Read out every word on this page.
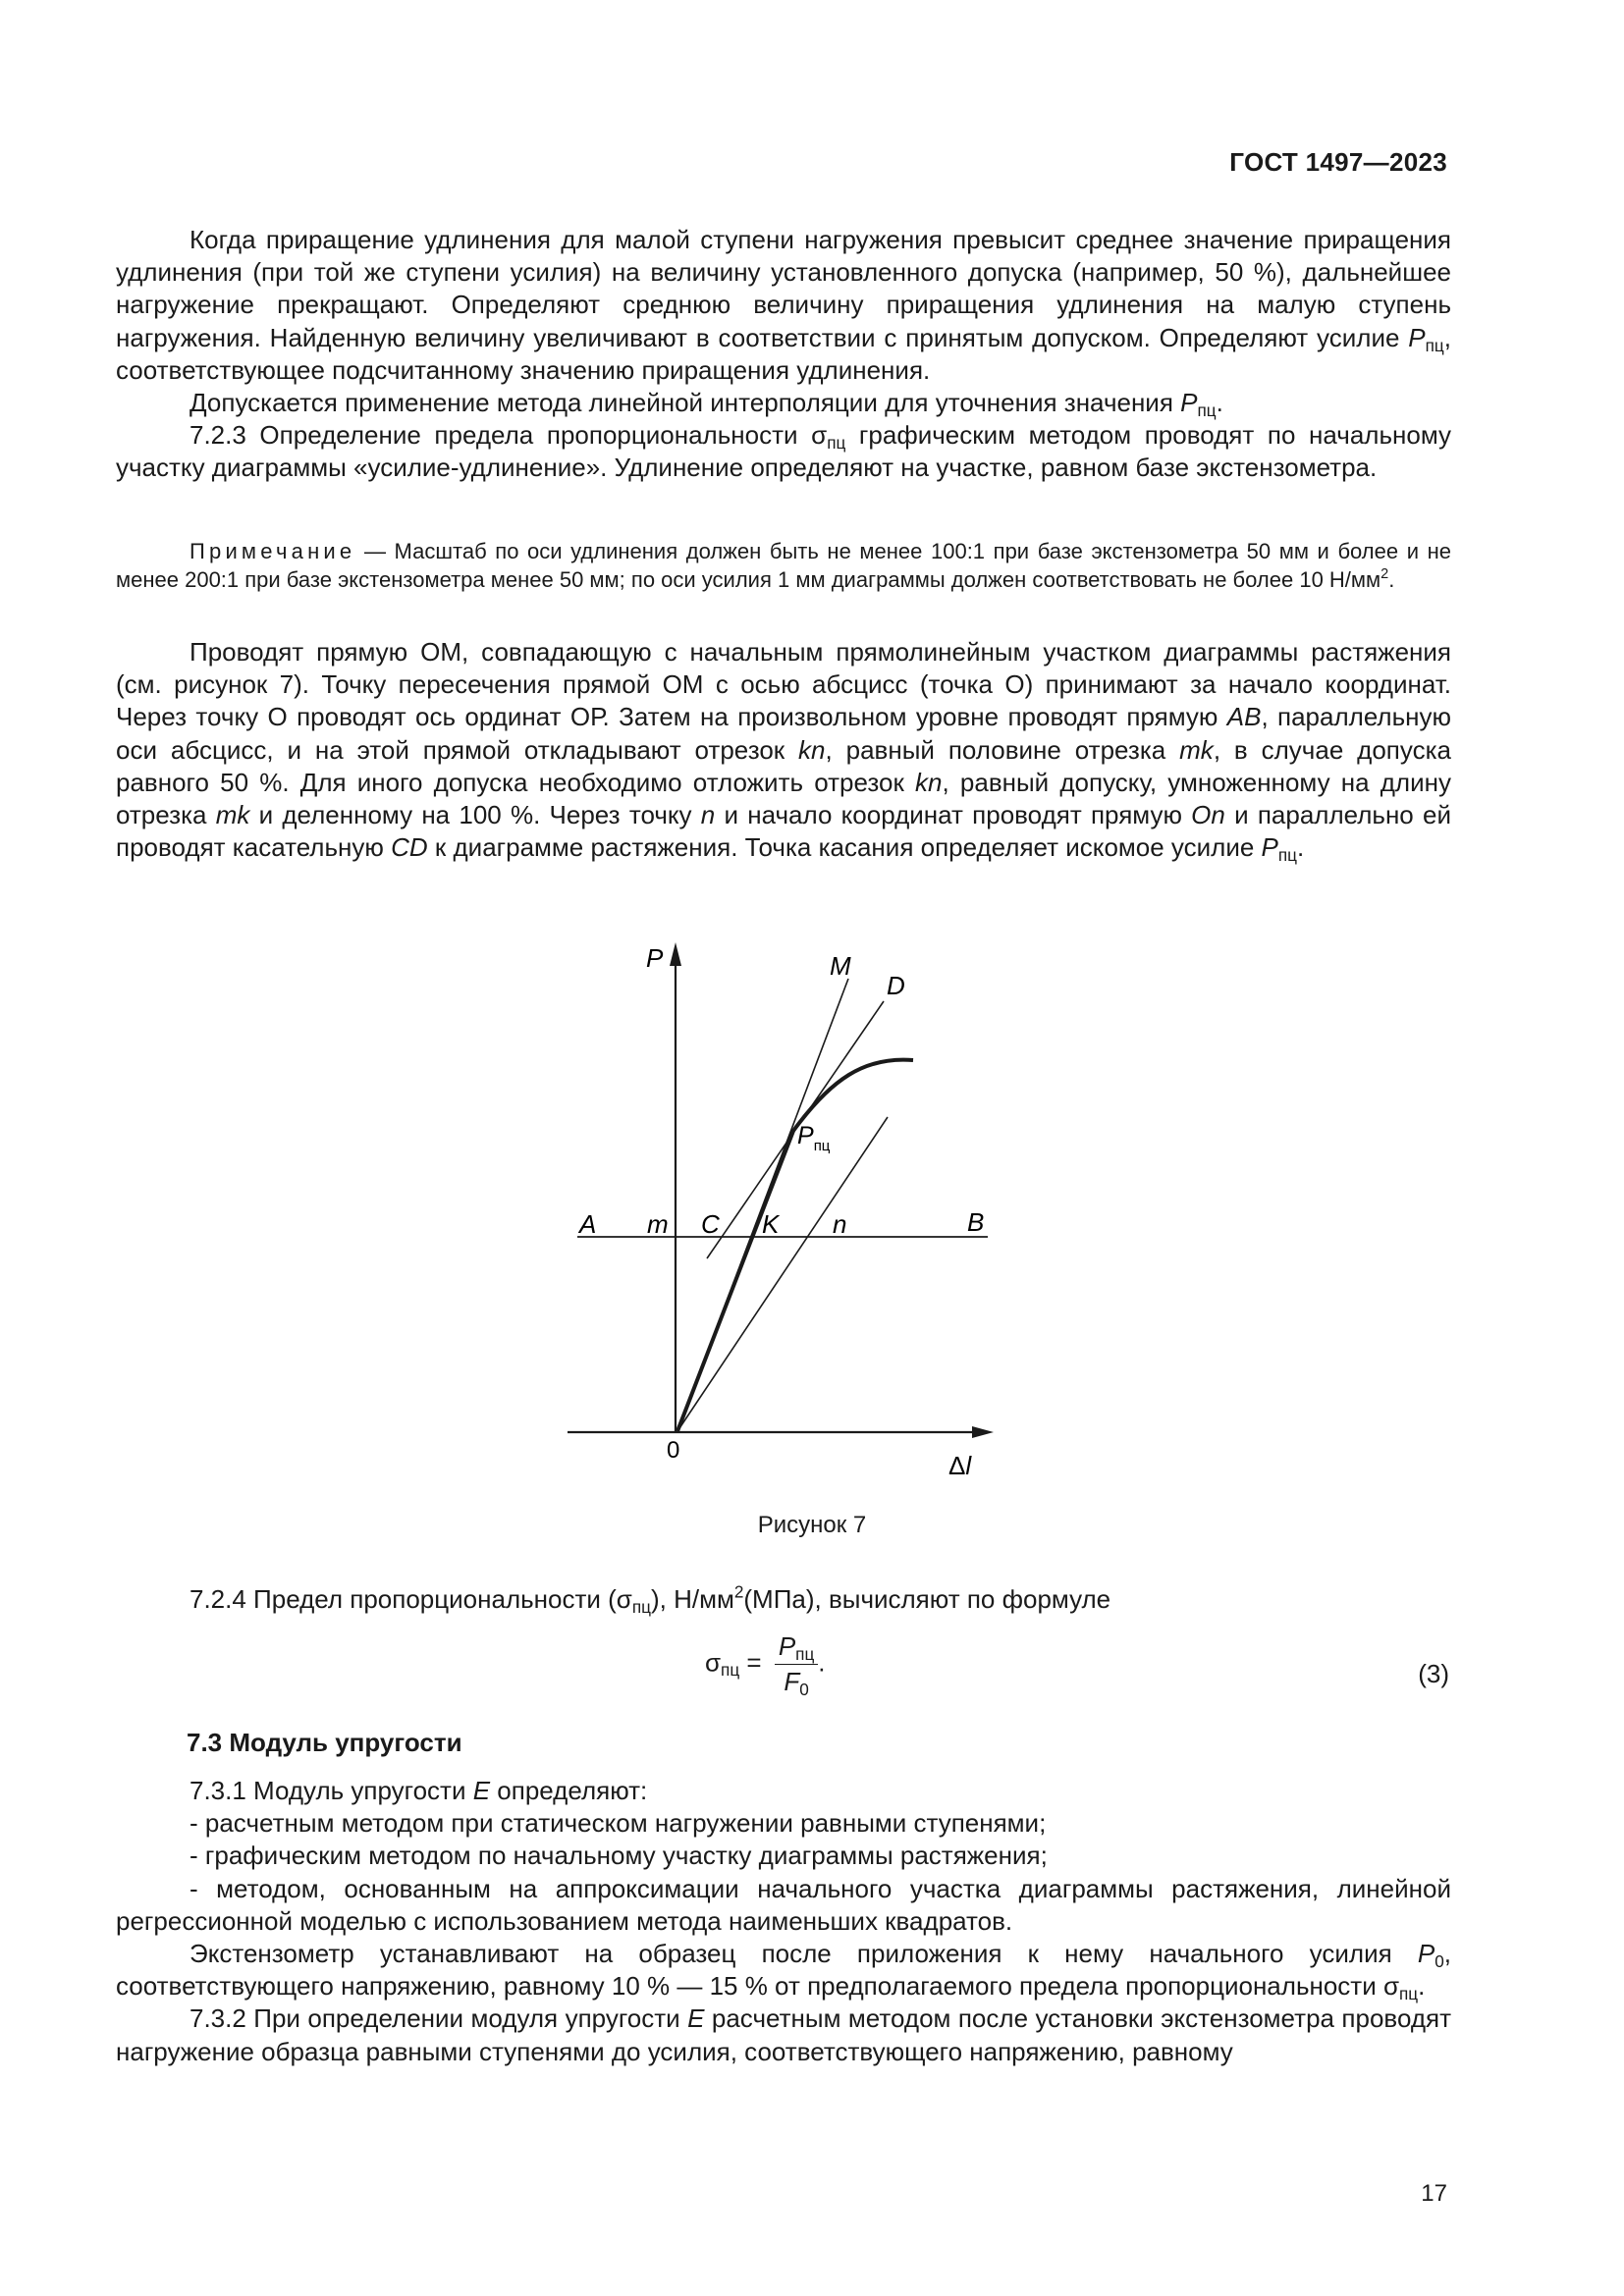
ГОСТ 1497—2023

Когда приращение удлинения для малой ступени нагружения превысит среднее значение приращения удлинения (при той же ступени усилия) на величину установленного допуска (например, 50 %), дальнейшее нагружение прекращают. Определяют среднюю величину приращения удлинения на малую ступень нагружения. Найденную величину увеличивают в соответствии с принятым допуском. Определяют усилие $P_{пц}$, соответствующее подсчитанному значению приращения удлинения.

Допускается применение метода линейной интерполяции для уточнения значения $P_{пц}$.

7.2.3 Определение предела пропорциональности $\sigma_{пц}$ графическим методом проводят по начальному участку диаграммы «усилие-удлинение». Удлинение определяют на участке, равном базе экстензометра.

Примечание — Масштаб по оси удлинения должен быть не менее 100:1 при базе экстензометра 50 мм и более и не менее 200:1 при базе экстензометра менее 50 мм; по оси усилия 1 мм диаграммы должен соответствовать не более 10 $Н/мм^2$.

Проводят прямую ОМ, совпадающую с начальным прямолинейным участком диаграммы растяжения (см. рисунок 7). Точку пересечения прямой ОМ с осью абсцисс (точка О) принимают за начало координат. Через точку О проводят ось ординат ОР. Затем на произвольном уровне проводят прямую AB, параллельную оси абсцисс, и на этой прямой откладывают отрезок kn, равный половине отрезка mk, в случае допуска равного 50 %. Для иного допуска необходимо отложить отрезок kn, равный допуску, умноженному на длину отрезка mk и деленному на 100 %. Через точку n и начало координат проводят прямую On и параллельно ей проводят касательную CD к диаграмме растяжения. Точка касания определяет искомое усилие $P_{пц}$.

P	M
D
$P_{пц}$
A m C K n	B
0
Δl
Рисунок 7

7.2.4 Предел пропорциональности $(\sigma_{пц})$, $Н/мм^2(МПа)$, вычисляют по формуле

$\sigma_{пц} = \frac{P_{пц}}{F_0}$ .	(3)
7.3 Модуль упругости

7.3.1 Модуль упругости E определяют:

- расчетным методом при статическом нагружении равными ступенями;

- графическим методом по начальному участку диаграммы растяжения;

- методом, основанным на аппроксимации начального участка диаграммы растяжения, линейной регрессионной моделью с использованием метода наименьших квадратов.

Экстензометр устанавливают на образец после приложения к нему начального усилия $P_0$, соответствующего напряжению, равному 10 % — 15 % от предполагаемого предела пропорциональности $\sigma_{пц}$.

7.3.2 При определении модуля упругости E расчетным методом после установки экстензометра проводят нагружение образца равными ступенями до усилия, соответствующего напряжению, равному

17
